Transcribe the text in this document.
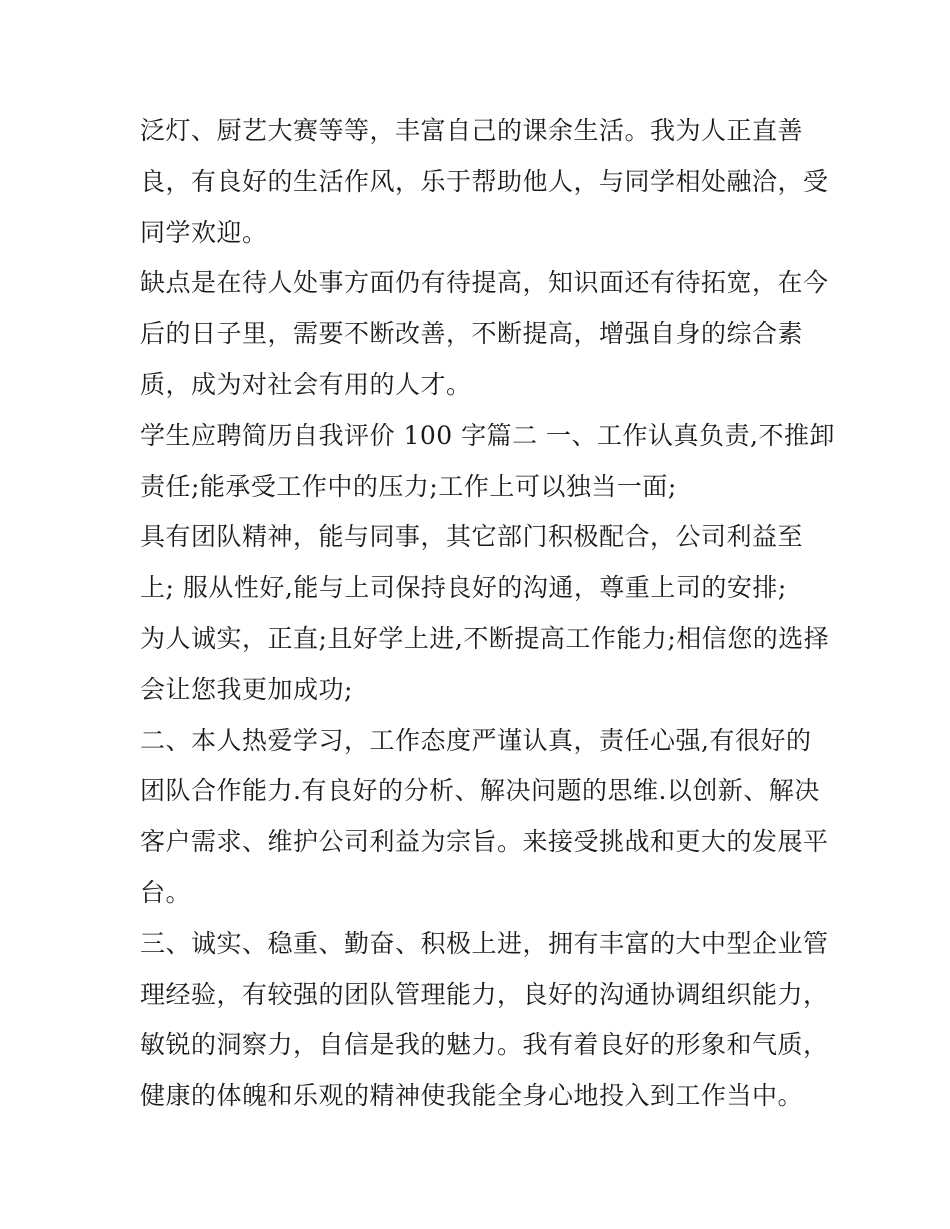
泛灯、厨艺大赛等等，丰富自己的课余生活。我为人正直善
良，有良好的生活作风，乐于帮助他人，与同学相处融洽，受
同学欢迎。

缺点是在待人处事方面仍有待提高，知识面还有待拓宽，在今
后的日子里，需要不断改善，不断提高，增强自身的综合素
质，成为对社会有用的人才。

学生应聘简历自我评价 100 字篇二 一、工作认真负责,不推卸
责任;能承受工作中的压力;工作上可以独当一面;

具有团队精神，能与同事，其它部门积极配合，公司利益至
上; 服从性好,能与上司保持良好的沟通，尊重上司的安排;

为人诚实，正直;且好学上进,不断提高工作能力;相信您的选择
会让您我更加成功;

二、本人热爱学习，工作态度严谨认真，责任心强,有很好的
团队合作能力.有良好的分析、解决问题的思维.以创新、解决
客户需求、维护公司利益为宗旨。来接受挑战和更大的发展平
台。

三、诚实、稳重、勤奋、积极上进，拥有丰富的大中型企业管
理经验，有较强的团队管理能力，良好的沟通协调组织能力，
敏锐的洞察力，自信是我的魅力。我有着良好的形象和气质，
健康的体魄和乐观的精神使我能全身心地投入到工作当中。
